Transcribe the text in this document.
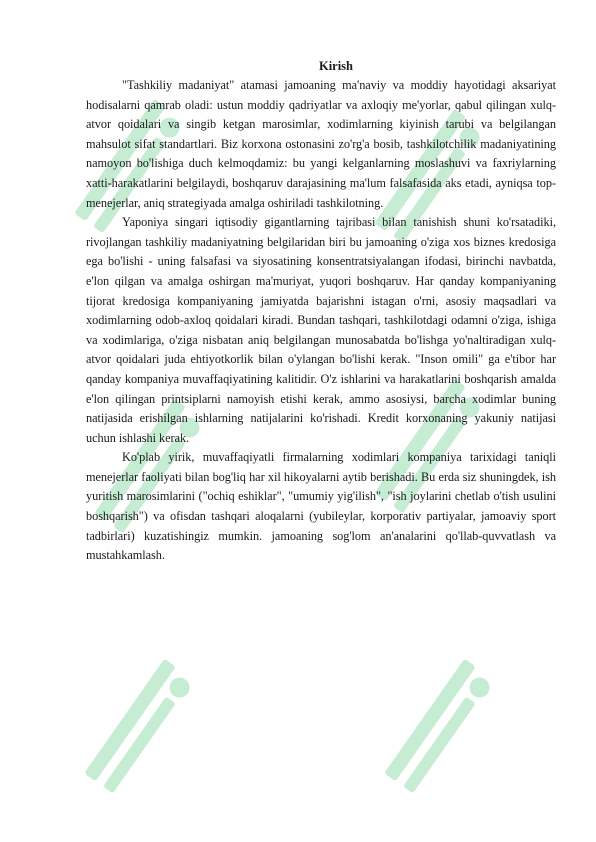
Kirish

"Tashkiliy madaniyat" atamasi jamoaning ma'naviy va moddiy hayotidagi aksariyat hodisalarni qamrab oladi: ustun moddiy qadriyatlar va axloqiy me'yorlar, qabul qilingan xulq-atvor qoidalari va singib ketgan marosimlar, xodimlarning kiyinish tarubi va belgilangan mahsulot sifat standartlari. Biz korxona ostonasini zo'rg'a bosib, tashkilotchilik madaniyatining namoyon bo'lishiga duch kelmoqdamiz: bu yangi kelganlarning moslashuvi va faxriylarning xatti-harakatlarini belgilaydi, boshqaruv darajasining ma'lum falsafasida aks etadi, ayniqsa top-menejerlar, aniq strategiyada amalga oshiriladi tashkilotning.

Yaponiya singari iqtisodiy gigantlarning tajribasi bilan tanishish shuni ko'rsatadiki, rivojlangan tashkiliy madaniyatning belgilaridan biri bu jamoaning o'ziga xos biznes kredosiga ega bo'lishi - uning falsafasi va siyosatining konsentratsiyalangan ifodasi, birinchi navbatda, e'lon qilgan va amalga oshirgan ma'muriyat, yuqori boshqaruv. Har qanday kompaniyaning tijorat kredosiga kompaniyaning jamiyatda bajarishni istagan o'rni, asosiy maqsadlari va xodimlarning odob-axloq qoidalari kiradi. Bundan tashqari, tashkilotdagi odamni o'ziga, ishiga va xodimlariga, o'ziga nisbatan aniq belgilangan munosabatda bo'lishga yo'naltiradigan xulq-atvor qoidalari juda ehtiyotkorlik bilan o'ylangan bo'lishi kerak. "Inson omili" ga e'tibor har qanday kompaniya muvaffaqiyatining kalitidir. O'z ishlarini va harakatlarini boshqarish amalda e'lon qilingan printsiplarni namoyish etishi kerak, ammo asosiysi, barcha xodimlar buning natijasida erishilgan ishlarning natijalarini ko'rishadi. Kredit korxonaning yakuniy natijasi uchun ishlashi kerak.

Ko'plab yirik, muvaffaqiyatli firmalarning xodimlari kompaniya tarixidagi taniqli menejerlar faoliyati bilan bog'liq har xil hikoyalarni aytib berishadi. Bu erda siz shuningdek, ish yuritish marosimlarini ("ochiq eshiklar", "umumiy yig'ilish", "ish joylarini chetlab o'tish usulini boshqarish") va ofisdan tashqari aloqalarni (yubileylar, korporativ partiyalar, jamoaviy sport tadbirlari) kuzatishingiz mumkin. jamoaning sog'lom an'analarini qo'llab-quvvatlash va mustahkamlash.
